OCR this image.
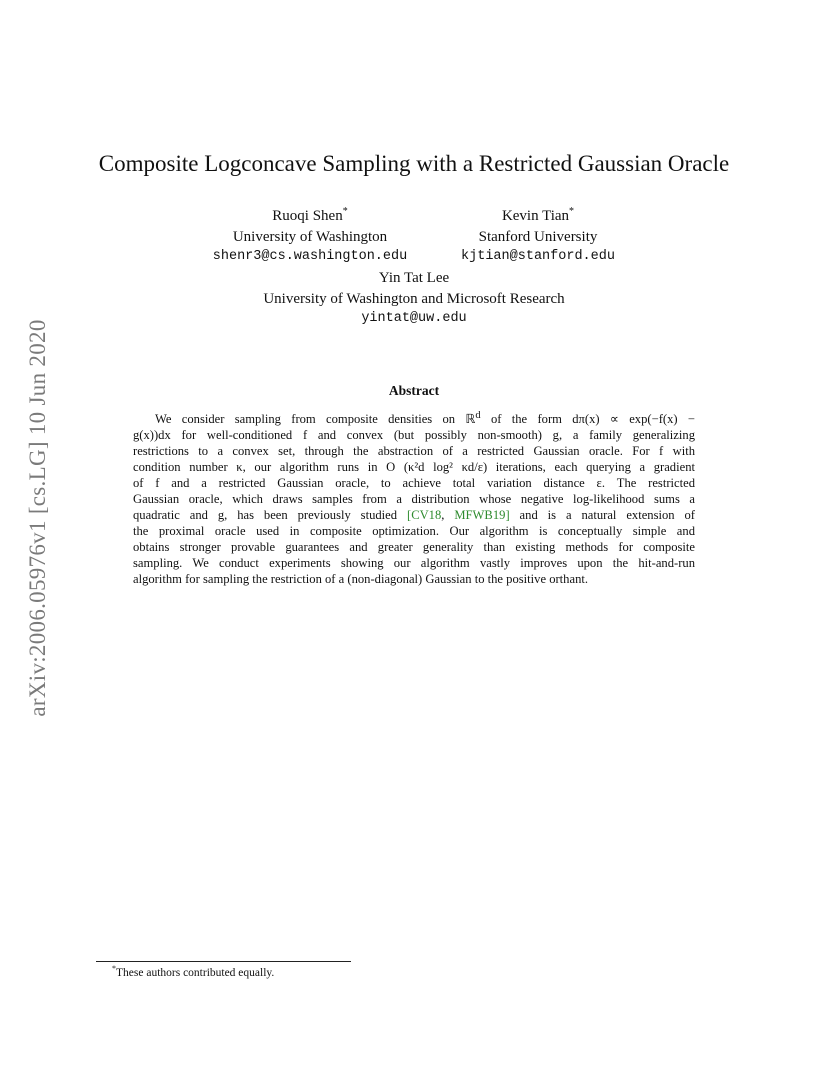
arXiv:2006.05976v1 [cs.LG] 10 Jun 2020
Composite Logconcave Sampling with a Restricted Gaussian Oracle
Ruoqi Shen*
University of Washington
shenr3@cs.washington.edu
Kevin Tian*
Stanford University
kjtian@stanford.edu
Yin Tat Lee
University of Washington and Microsoft Research
yintat@uw.edu
Abstract
We consider sampling from composite densities on ℝ$^d$ of the form dπ(x) ∝ exp(−f(x) −
g(x))dx for well-conditioned f and convex (but possibly non-smooth) g, a family generalizing
restrictions to a convex set, through the abstraction of a restricted Gaussian oracle. For f with
condition number κ, our algorithm runs in O (κ²d log² κd/ε) iterations, each querying a gradient
of f and a restricted Gaussian oracle, to achieve total variation distance ε. The restricted
Gaussian oracle, which draws samples from a distribution whose negative log-likelihood sums a
quadratic and g, has been previously studied [CV18, MFWB19] and is a natural extension of
the proximal oracle used in composite optimization. Our algorithm is conceptually simple and
obtains stronger provable guarantees and greater generality than existing methods for composite
sampling. We conduct experiments showing our algorithm vastly improves upon the hit-and-run
algorithm for sampling the restriction of a (non-diagonal) Gaussian to the positive orthant.
*These authors contributed equally.
